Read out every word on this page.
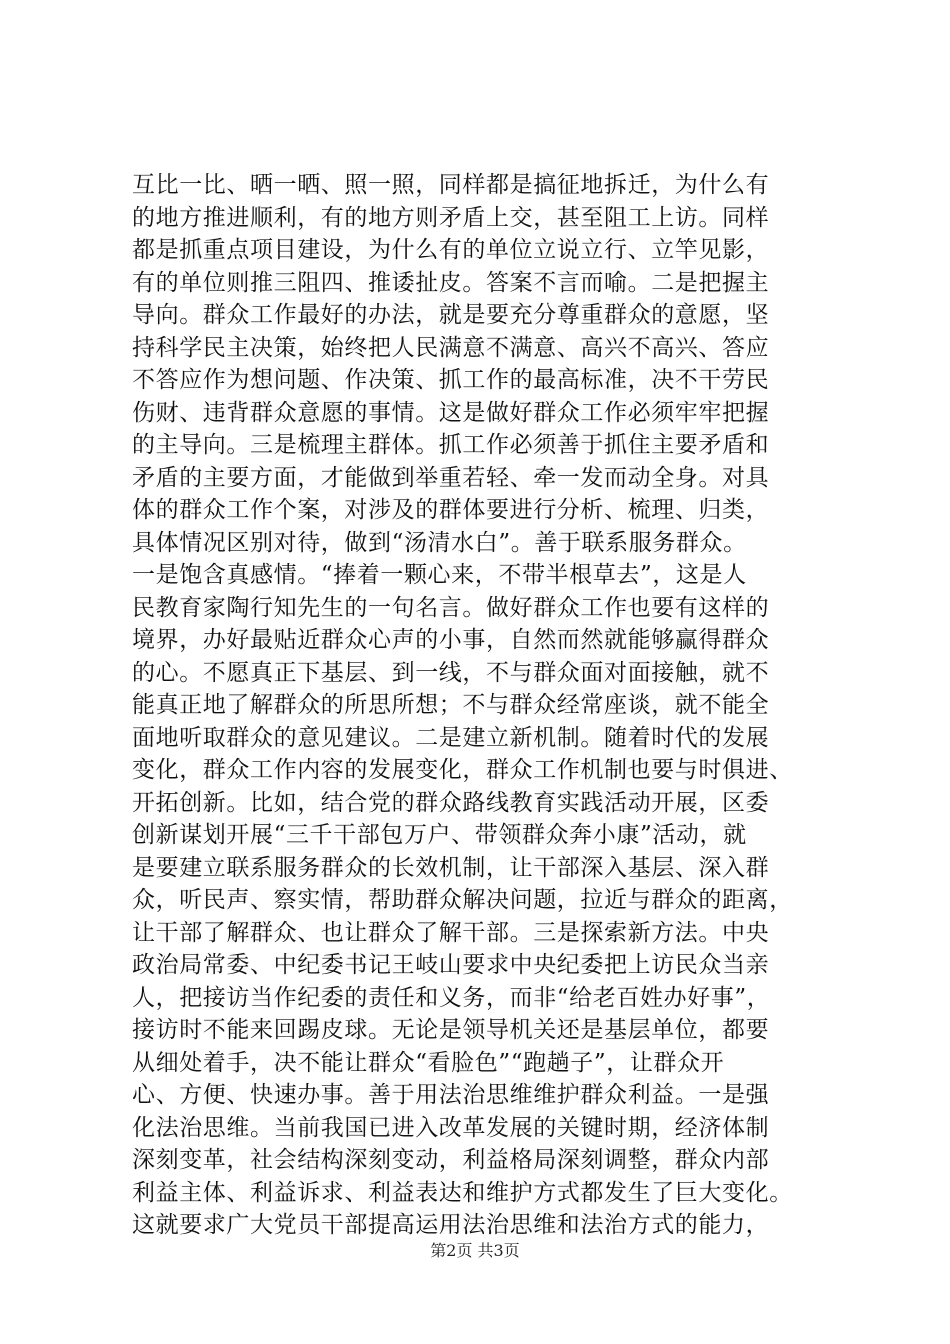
互比一比、晒一晒、照一照，同样都是搞征地拆迁，为什么有
的地方推进顺利，有的地方则矛盾上交，甚至阻工上访。同样
都是抓重点项目建设，为什么有的单位立说立行、立竿见影，
有的单位则推三阻四、推诿扯皮。答案不言而喻。二是把握主
导向。群众工作最好的办法，就是要充分尊重群众的意愿，坚
持科学民主决策，始终把人民满意不满意、高兴不高兴、答应
不答应作为想问题、作决策、抓工作的最高标准，决不干劳民
伤财、违背群众意愿的事情。这是做好群众工作必须牢牢把握
的主导向。三是梳理主群体。抓工作必须善于抓住主要矛盾和
矛盾的主要方面，才能做到举重若轻、牵一发而动全身。对具
体的群众工作个案，对涉及的群体要进行分析、梳理、归类，
具体情况区别对待，做到“汤清水白”。善于联系服务群众。
一是饱含真感情。“捧着一颗心来，不带半根草去”，这是人
民教育家陶行知先生的一句名言。做好群众工作也要有这样的
境界，办好最贴近群众心声的小事，自然而然就能够赢得群众
的心。不愿真正下基层、到一线，不与群众面对面接触，就不
能真正地了解群众的所思所想；不与群众经常座谈，就不能全
面地听取群众的意见建议。二是建立新机制。随着时代的发展
变化，群众工作内容的发展变化，群众工作机制也要与时俱进、
开拓创新。比如，结合党的群众路线教育实践活动开展，区委
创新谋划开展“三千干部包万户、带领群众奔小康”活动，就
是要建立联系服务群众的长效机制，让干部深入基层、深入群
众，听民声、察实情，帮助群众解决问题，拉近与群众的距离，
让干部了解群众、也让群众了解干部。三是探索新方法。中央
政治局常委、中纪委书记王岐山要求中央纪委把上访民众当亲
人，把接访当作纪委的责任和义务，而非“给老百姓办好事”，
接访时不能来回踢皮球。无论是领导机关还是基层单位，都要
从细处着手，决不能让群众“看脸色”“跑趟子”，让群众开
心、方便、快速办事。善于用法治思维维护群众利益。一是强
化法治思维。当前我国已进入改革发展的关键时期，经济体制
深刻变革，社会结构深刻变动，利益格局深刻调整，群众内部
利益主体、利益诉求、利益表达和维护方式都发生了巨大变化。
这就要求广大党员干部提高运用法治思维和法治方式的能力，
第2页 共3页
